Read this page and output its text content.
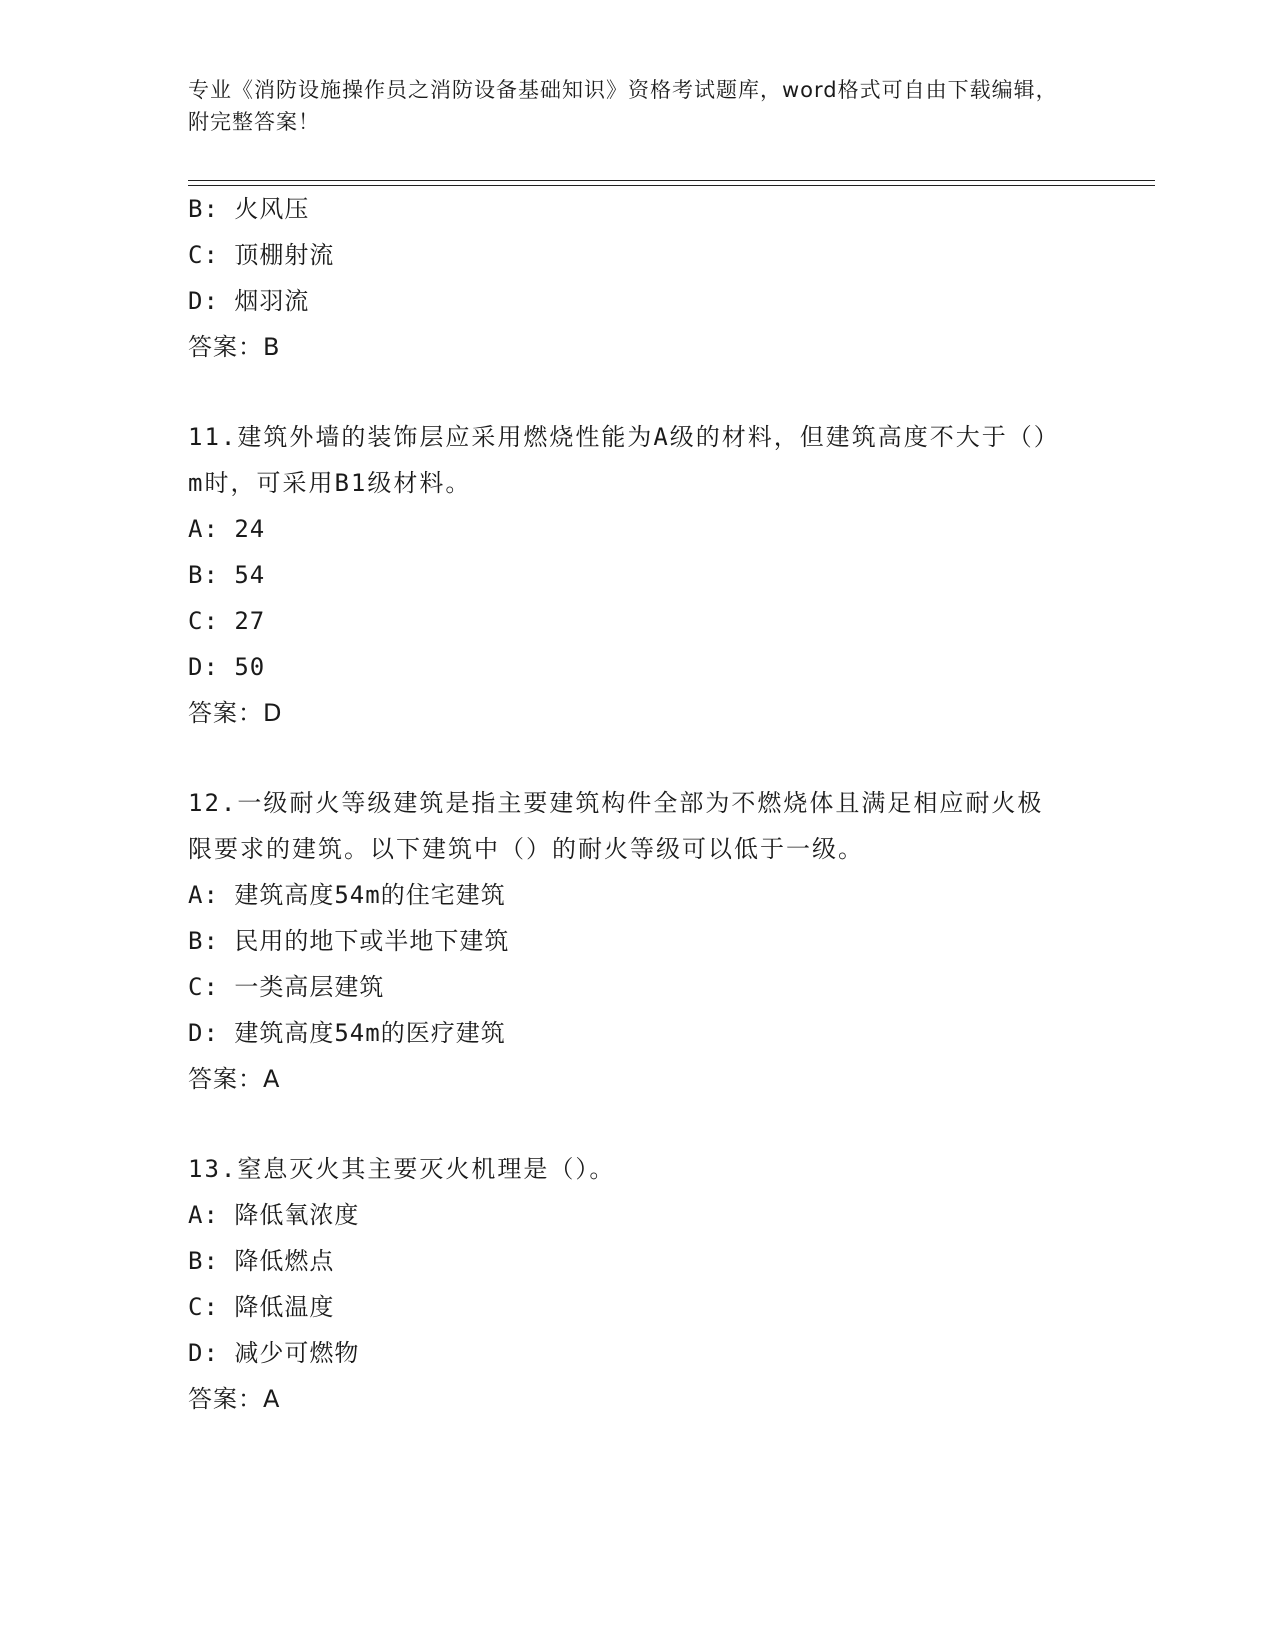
专业《消防设施操作员之消防设备基础知识》资格考试题库，word格式可自由下载编辑，附完整答案！
B: 火风压
C: 顶棚射流
D: 烟羽流
答案：B
11.建筑外墙的装饰层应采用燃烧性能为A级的材料，但建筑高度不大于（）m时，可采用B1级材料。
A: 24
B: 54
C: 27
D: 50
答案：D
12.一级耐火等级建筑是指主要建筑构件全部为不燃烧体且满足相应耐火极限要求的建筑。以下建筑中（）的耐火等级可以低于一级。
A: 建筑高度54m的住宅建筑
B: 民用的地下或半地下建筑
C: 一类高层建筑
D: 建筑高度54m的医疗建筑
答案：A
13.窒息灭火其主要灭火机理是（）。
A: 降低氧浓度
B: 降低燃点
C: 降低温度
D: 减少可燃物
答案：A
